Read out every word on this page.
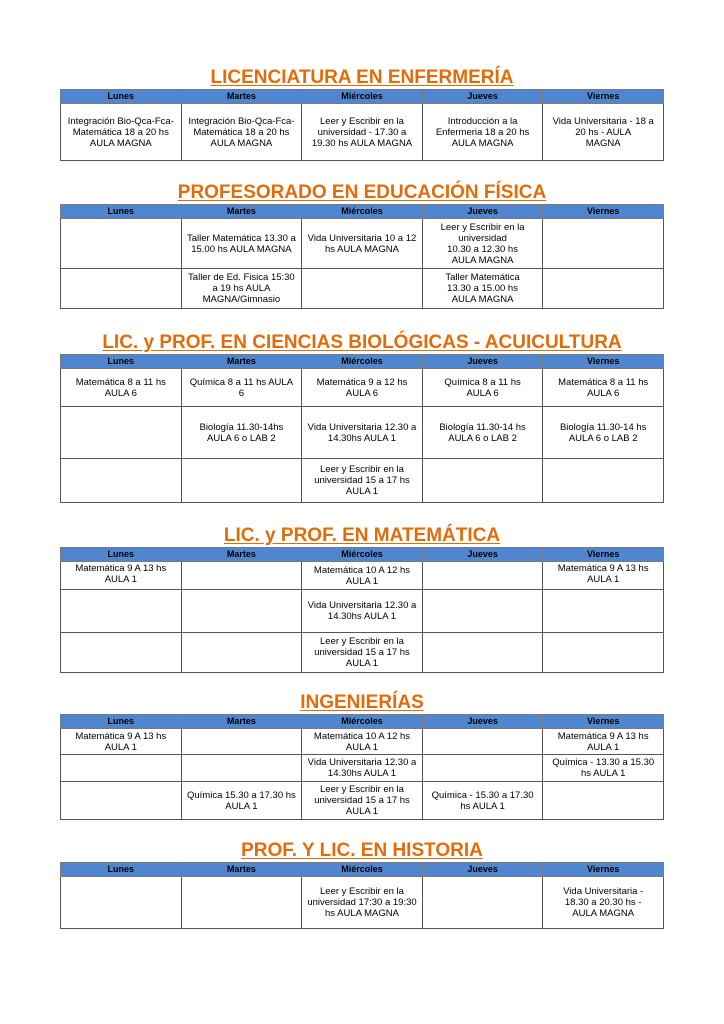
LICENCIATURA EN ENFERMERÍA
Lunes	Martes	Miércoles	Jueves	Viernes

Integración Bio-Qca-Fca-
Matemática 18 a 20 hs
AULA MAGNA	Integración Bio-Qca-Fca-
Matemática 18 a 20 hs
AULA MAGNA	Leer y Escribir en la
universidad - 17.30 a
19.30 hs AULA MAGNA	Introducción a la
Enfermeria 18 a 20 hs
AULA MAGNA	Vida Universitaria - 18 a
20 hs - AULA
MAGNA
PROFESORADO EN EDUCACIÓN FÍSICA
Lunes	Martes	Miércoles	Jueves	Viernes

	Taller Matemática 13.30 a
15.00 hs AULA MAGNA	Vida Universitaria 10 a 12
hs AULA MAGNA	Leer y Escribir en la
universidad
10.30 a 12.30 hs
AULA MAGNA	

	Taller de Ed. Fisica 15:30
a 19 hs AULA
MAGNA/Gimnasio		Taller Matemática
13.30 a 15.00 hs
AULA MAGNA	

LIC. y PROF. EN CIENCIAS BIOLÓGICAS - ACUICULTURA
Lunes	Martes	Miércoles	Jueves	Viernes

Matemática 8 a 11 hs
AULA 6	Química 8 a 11 hs AULA
6	Matemática 9 a 12 hs
AULA 6	Química 8 a 11 hs
AULA 6	Matemática 8 a 11 hs
AULA 6

	Biología 11.30-14hs
AULA 6 o LAB 2	Vida Universitaria 12.30 a
14.30hs AULA 1	Biología 11.30-14 hs
AULA 6 o LAB 2	Biología 11.30-14 hs
AULA 6 o LAB 2

		Leer y Escribir en la
universidad 15 a 17 hs
AULA 1		

LIC. y PROF. EN MATEMÁTICA
Lunes	Martes	Miércoles	Jueves	Viernes

Matemática 9 A 13 hs
AULA 1		Matemática 10 A 12 hs
AULA 1		Matemática 9 A 13 hs
AULA 1

		Vida Universitaria 12.30 a
14.30hs AULA 1		

		Leer y Escribir en la
universidad 15 a 17 hs
AULA 1		

INGENIERÍAS
Lunes	Martes	Miércoles	Jueves	Viernes

Matemática 9 A 13 hs
AULA 1		Matemática 10 A 12 hs
AULA 1		Matemática 9 A 13 hs
AULA 1

		Vida Universitaria 12.30 a
14.30hs AULA 1		Química - 13.30 a 15.30
hs AULA 1

	Química 15.30 a 17.30 hs
AULA 1	Leer y Escribir en la
universidad 15 a 17 hs
AULA 1	Química - 15.30 a 17.30
hs AULA 1	

PROF. Y LIC. EN HISTORIA
Lunes	Martes	Miércoles	Jueves	Viernes

		Leer y Escribir en la
universidad 17:30 a 19:30
hs AULA MAGNA		Vida Universitaria -
18.30 a 20.30 hs -
AULA MAGNA
